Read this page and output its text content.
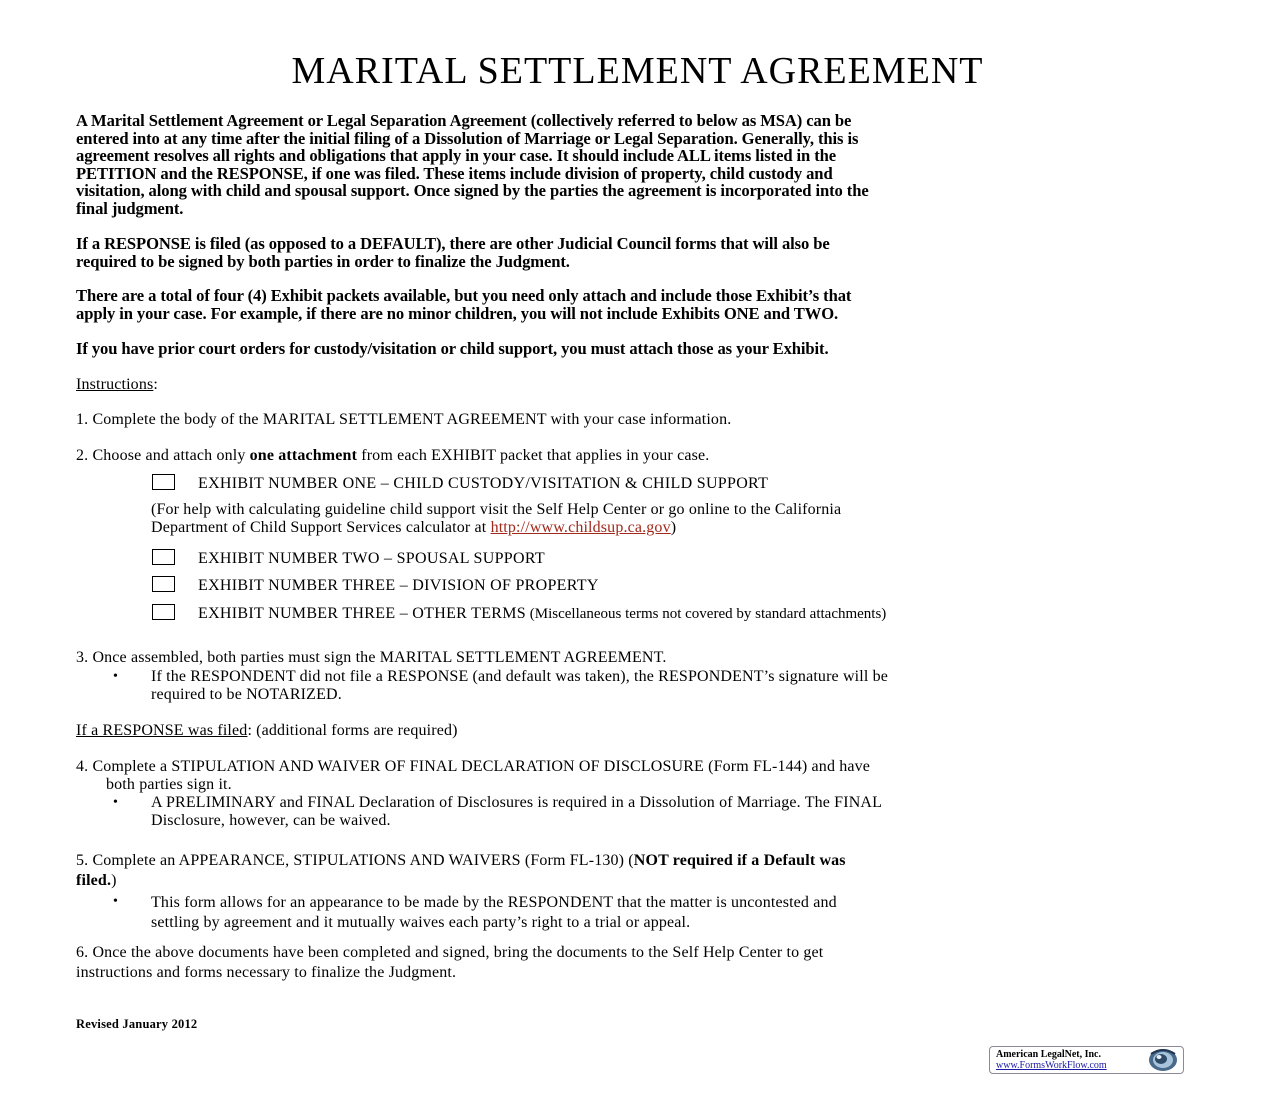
MARITAL SETTLEMENT AGREEMENT
A Marital Settlement Agreement or Legal Separation Agreement (collectively referred to below as MSA) can be
entered into at any time after the initial filing of a Dissolution of Marriage or Legal Separation. Generally, this is
agreement resolves all rights and obligations that apply in your case. It should include ALL items listed in the
PETITION and the RESPONSE, if one was filed. These items include division of property, child custody and
visitation, along with child and spousal support. Once signed by the parties the agreement is incorporated into the
final judgment.
If a RESPONSE is filed (as opposed to a DEFAULT), there are other Judicial Council forms that will also be
required to be signed by both parties in order to finalize the Judgment.
There are a total of four (4) Exhibit packets available, but you need only attach and include those Exhibit’s that
apply in your case. For example, if there are no minor children, you will not include Exhibits ONE and TWO.
If you have prior court orders for custody/visitation or child support, you must attach those as your Exhibit.
Instructions:
1. Complete the body of the MARITAL SETTLEMENT AGREEMENT with your case information.
2. Choose and attach only one attachment from each EXHIBIT packet that applies in your case.
EXHIBIT NUMBER ONE – CHILD CUSTODY/VISITATION & CHILD SUPPORT
(For help with calculating guideline child support visit the Self Help Center or go online to the California
Department of Child Support Services calculator at http://www.childsup.ca.gov)
EXHIBIT NUMBER TWO – SPOUSAL SUPPORT
EXHIBIT NUMBER THREE – DIVISION OF PROPERTY
EXHIBIT NUMBER THREE – OTHER TERMS (Miscellaneous terms not covered by standard attachments)
3. Once assembled, both parties must sign the MARITAL SETTLEMENT AGREEMENT.
• If the RESPONDENT did not file a RESPONSE (and default was taken), the RESPONDENT’s signature will be
required to be NOTARIZED.
If a RESPONSE was filed: (additional forms are required)
4. Complete a STIPULATION AND WAIVER OF FINAL DECLARATION OF DISCLOSURE (Form FL-144) and have
both parties sign it.
• A PRELIMINARY and FINAL Declaration of Disclosures is required in a Dissolution of Marriage. The FINAL
Disclosure, however, can be waived.
5. Complete an APPEARANCE, STIPULATIONS AND WAIVERS (Form FL-130) (NOT required if a Default was
filed.)
• This form allows for an appearance to be made by the RESPONDENT that the matter is uncontested and
settling by agreement and it mutually waives each party’s right to a trial or appeal.
6. Once the above documents have been completed and signed, bring the documents to the Self Help Center to get
instructions and forms necessary to finalize the Judgment.
Revised January 2012
American LegalNet, Inc.
www.FormsWorkFlow.com
